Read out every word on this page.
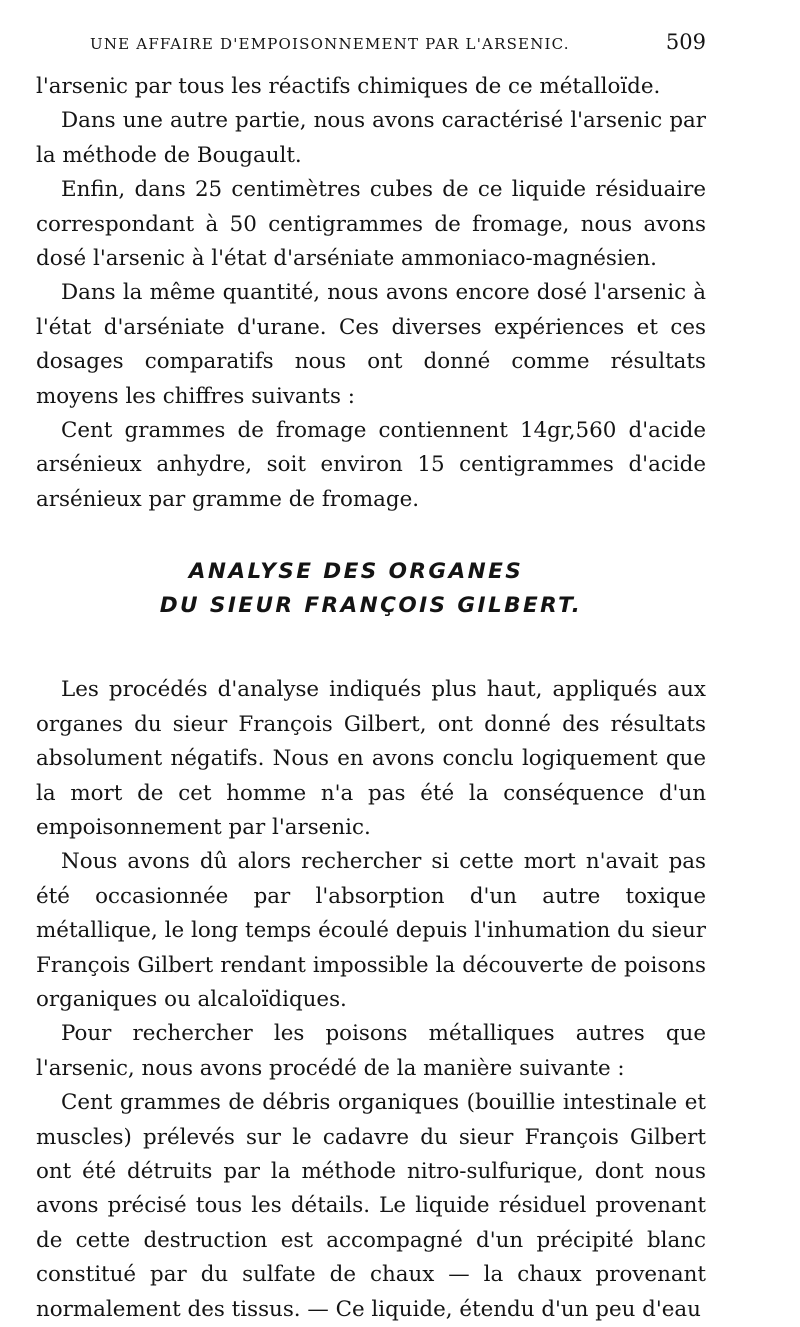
UNE AFFAIRE D'EMPOISONNEMENT PAR L'ARSENIC.	509

l'arsenic par tous les réactifs chimiques de ce métalloïde.

Dans une autre partie, nous avons caractérisé l'arsenic par la méthode de Bougault.

Enfin, dans 25 centimètres cubes de ce liquide résiduaire correspondant à 50 centigrammes de fromage, nous avons dosé l'arsenic à l'état d'arséniate ammoniaco-magnésien.

Dans la même quantité, nous avons encore dosé l'arsenic à l'état d'arséniate d'urane. Ces diverses expériences et ces dosages comparatifs nous ont donné comme résultats moyens les chiffres suivants :

Cent grammes de fromage contiennent 14gr,560 d'acide arsénieux anhydre, soit environ 15 centigrammes d'acide arsénieux par gramme de fromage.

ANALYSE DES ORGANES
DU SIEUR FRANÇOIS GILBERT.

Les procédés d'analyse indiqués plus haut, appliqués aux organes du sieur François Gilbert, ont donné des résultats absolument négatifs. Nous en avons conclu logiquement que la mort de cet homme n'a pas été la conséquence d'un empoisonnement par l'arsenic.

Nous avons dû alors rechercher si cette mort n'avait pas été occasionnée par l'absorption d'un autre toxique métallique, le long temps écoulé depuis l'inhumation du sieur François Gilbert rendant impossible la découverte de poisons organiques ou alcaloïdiques.

Pour rechercher les poisons métalliques autres que l'arsenic, nous avons procédé de la manière suivante :

Cent grammes de débris organiques (bouillie intestinale et muscles) prélevés sur le cadavre du sieur François Gilbert ont été détruits par la méthode nitro-sulfurique, dont nous avons précisé tous les détails. Le liquide résiduel provenant de cette destruction est accompagné d'un précipité blanc constitué par du sulfate de chaux — la chaux provenant normalement des tissus. — Ce liquide, étendu d'un peu d'eau
